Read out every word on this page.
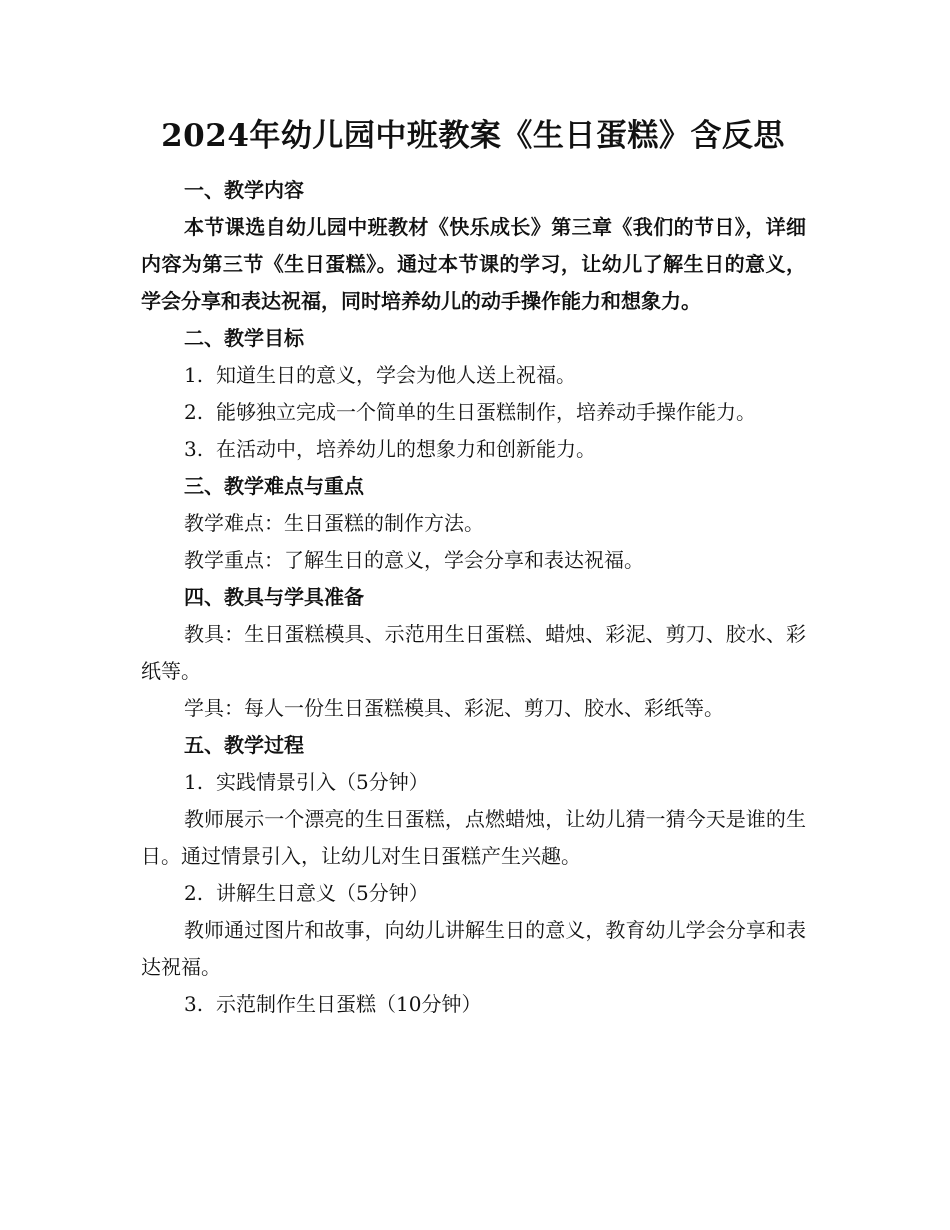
2024年幼儿园中班教案《生日蛋糕》含反思

一、教学内容

本节课选自幼儿园中班教材《快乐成长》第三章《我们的节日》，详细内容为第三节《生日蛋糕》。通过本节课的学习，让幼儿了解生日的意义，学会分享和表达祝福，同时培养幼儿的动手操作能力和想象力。

二、教学目标

1. 知道生日的意义，学会为他人送上祝福。

2. 能够独立完成一个简单的生日蛋糕制作，培养动手操作能力。

3. 在活动中，培养幼儿的想象力和创新能力。

三、教学难点与重点

教学难点：生日蛋糕的制作方法。

教学重点：了解生日的意义，学会分享和表达祝福。

四、教具与学具准备

教具：生日蛋糕模具、示范用生日蛋糕、蜡烛、彩泥、剪刀、胶水、彩纸等。

学具：每人一份生日蛋糕模具、彩泥、剪刀、胶水、彩纸等。

五、教学过程

1. 实践情景引入（5分钟）

教师展示一个漂亮的生日蛋糕，点燃蜡烛，让幼儿猜一猜今天是谁的生日。通过情景引入，让幼儿对生日蛋糕产生兴趣。

2. 讲解生日意义（5分钟）

教师通过图片和故事，向幼儿讲解生日的意义，教育幼儿学会分享和表达祝福。

3. 示范制作生日蛋糕（10分钟）
